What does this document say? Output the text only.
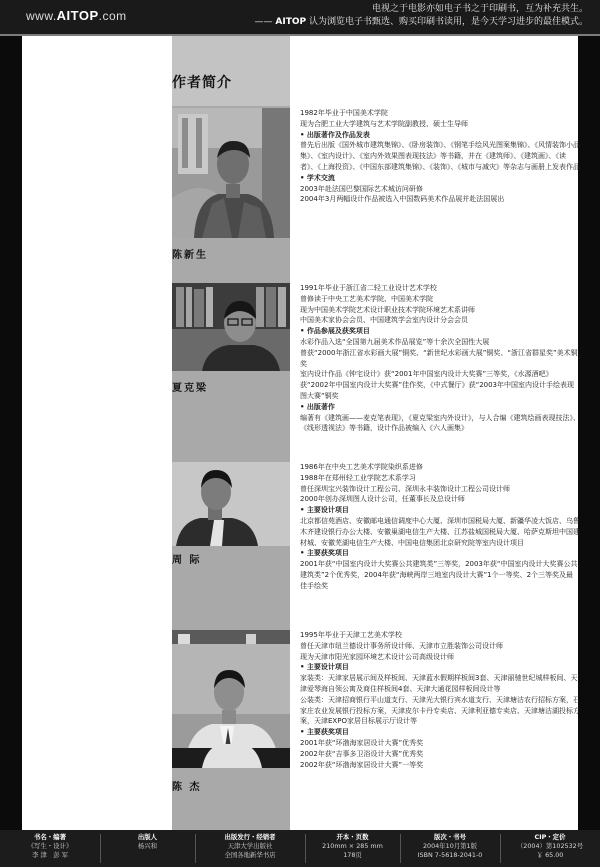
www.AITOP.com	电视之于电影亦如电子书之于印刷书，互为补充共生。
—— AITOP 认为浏览电子书甄选、购买印刷书读用，是今天学习进步的最佳模式。
作者简介
陈新生

1982年毕业于中国美术学院

现为合肥工业大学建筑与艺术学院副教授、硕士生导师

• 出版著作及作品发表

曾先后出版《国外城市建筑集锦》、《卧房装饰》、《钢笔手绘风光图案集锦》、《风情装饰小品集》、《室内设计》、《室内外效果图表现技法》等书籍，并在《建筑师》、《建筑画》、《读者》、《上海投资》、《中国东部建筑集锦》、《装饰》、《城市与减灾》等杂志与画册上发表作品

• 学术交流

2003年赴法国巴黎国际艺术城访问研修

2004年3月两幅设计作品被选入中国数码美术作品展并赴法国展出

夏克梁

1991年毕业于浙江省二轻工业设计艺术学校

曾修读于中央工艺美术学院、中国美术学院

现为中国美术学院艺术设计职业技术学院环境艺术系讲师

中国美术家协会会员、中国建筑学会室内设计分会会员

• 作品参展及获奖项目

水彩作品入选“全国第九届美术作品展览”等十余次全国性大展

曾获“2000年浙江省水彩画大展”铜奖、“新世纪水彩画大展”铜奖、“浙江省群星奖”美术铜奖

室内设计作品《钟宅设计》获“2001年中国室内设计大奖赛”三等奖，《水源酒吧》获“2002年中国室内设计大奖赛”佳作奖，《中式餐厅》获“2003年中国室内设计手绘表现图大赛”铜奖

• 出版著作

编著有《建筑画——麦克笔表现》，《夏克梁室内外设计》，与人合编《建筑绘画表现技法》、《线形透视法》等书籍，设计作品被编入《六人画集》

周 际

1986年在中央工艺美术学院染织系进修

1988年在郑州轻工业学院艺术系学习

曾任深圳宝兴装饰设计工程公司、深圳永丰装饰设计工程公司设计师

2000年创办深圳图人设计公司，任董事长及总设计师

• 主要设计项目

北京都信苑酒店、安徽邮电通信调度中心大厦、深圳市国税局大厦、新疆华凌大饭店、乌鲁木齐建设银行办公大楼、安徽巢湖电信生产大楼、江苏盐城国税局大厦、哈萨克斯坦中国建材城、安徽芜湖电信生产大楼、中国电信集团北京研究院等室内设计项目

• 主要获奖项目

2001年获“中国室内设计大奖赛公共建筑类”三等奖，2003年获“中国室内设计大奖赛公共建筑类”2个优秀奖，2004年获“海峡两岸三地室内设计大赛”1个一等奖、2个三等奖及最佳手绘奖

陈 杰

1995年毕业于天津工艺美术学校

曾任天津市纽兰德设计事务所设计师、天津市立胜装饰公司设计师

现为天津市阳光家园环境艺术设计公司高级设计师

• 主要设计项目

家装类：天津家居展示间及样板间、天津蓝水假期样板间3套、天津丽驰世纪城样板间、天津爱琴海自领公寓及商住样板间4套、天津大通花园样板间设计等

公装类：天津招商银行平山道支行、天津光大银行宾水道支行、天津塘沽农行招标方案，石家庄农业发展银行投标方案，天津皮尔卡丹专卖店、天津利亚德专卖店、天津塘沽湖投标方案，天津EXPO家居目标展示厅设计等

• 主要获奖项目

2001年获“环渤海家居设计大赛”优秀奖

2002年获“吉事多卫浴设计大赛”优秀奖

2002年获“环渤海家居设计大赛”一等奖

书名・编著
《写生・设计》
李 津　彭 军
出版人
杨兴和
出版发行・经销者
天津大学出版社
全国各地新华书店
开本・页数
210mm × 285 mm
178页
版次・书号
2004年10月第1版
ISBN 7-5618-2041-0
CIP・定价
（2004）第102532号
￥ 65.00
